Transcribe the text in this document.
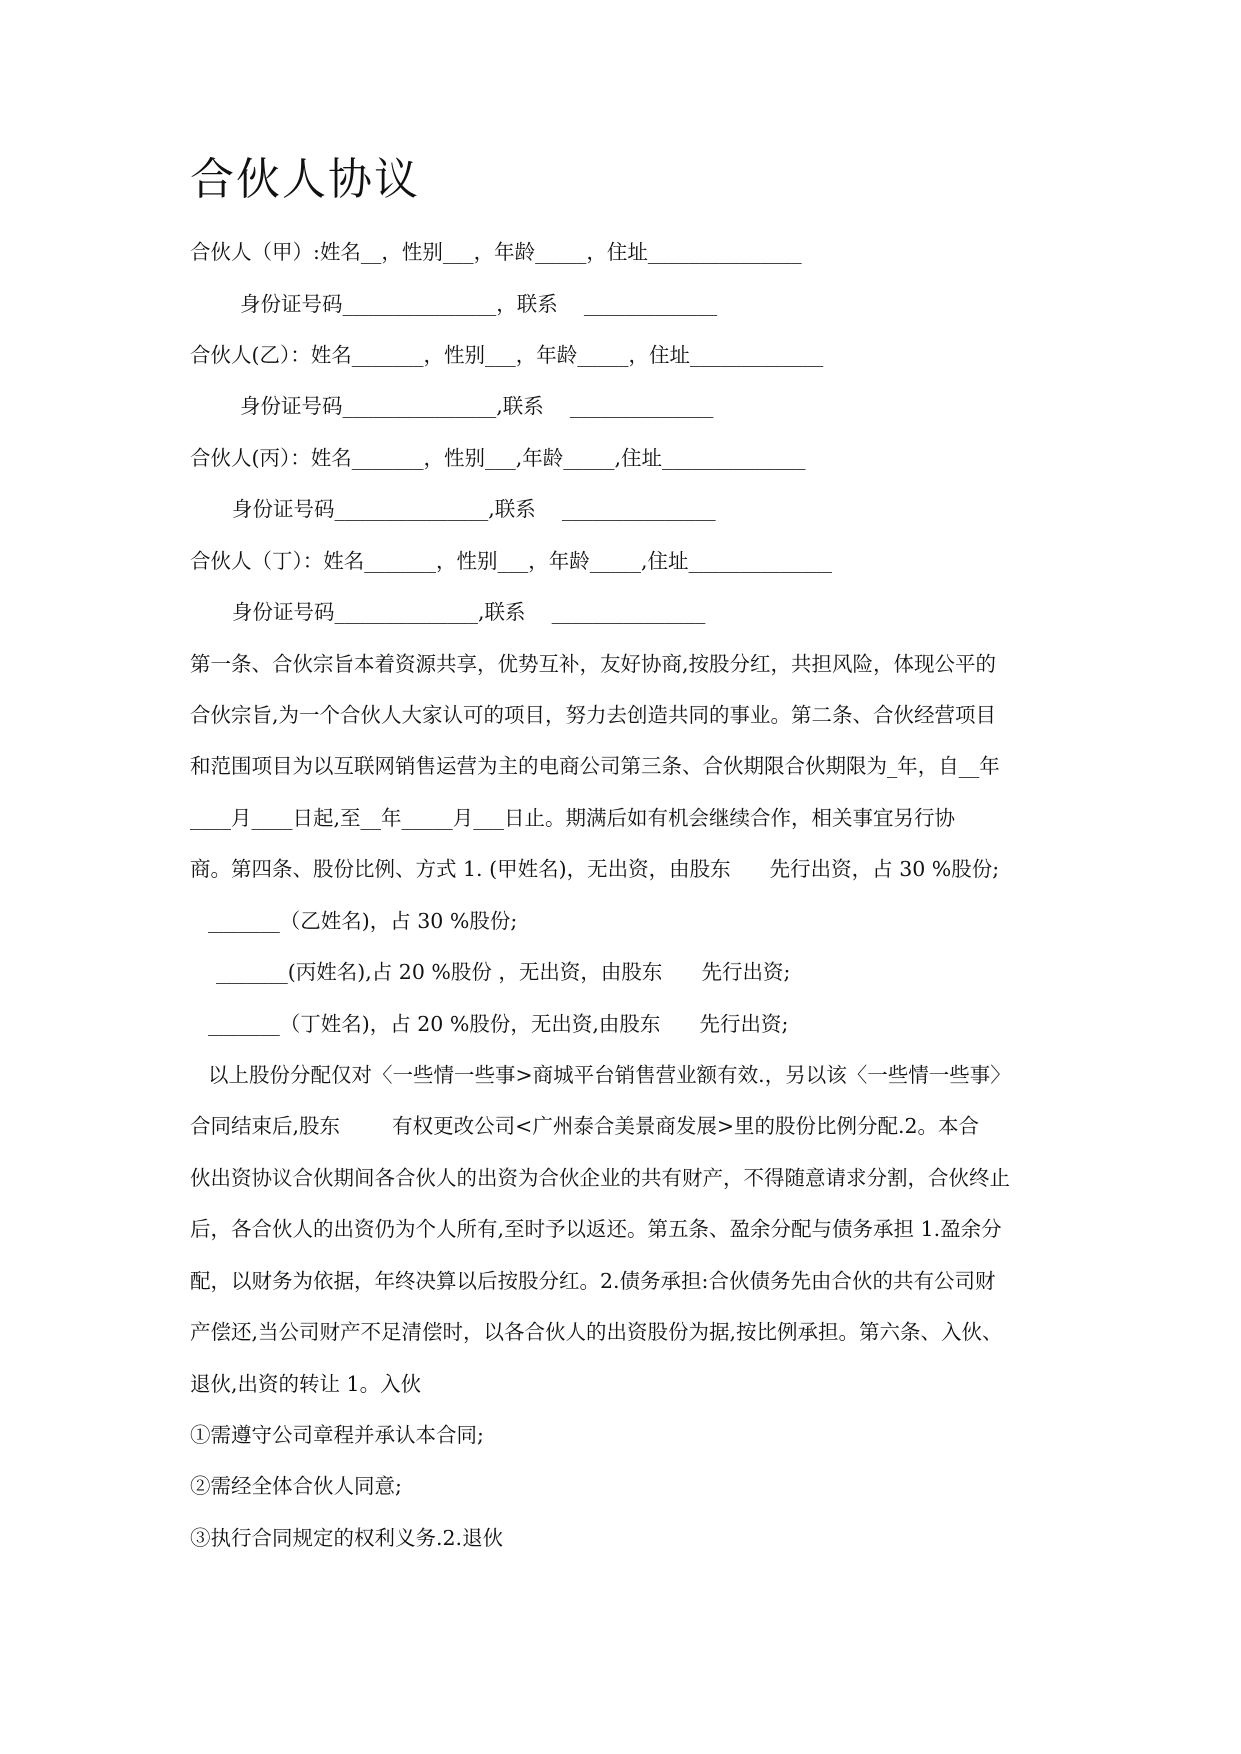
合伙人协议
合伙人（甲）:姓名__，性别___，年龄_____，住址_______________
身份证号码_______________，联系    _____________
合伙人(乙）：姓名_______，性别___，年龄_____，住址_____________
身份证号码_______________,联系    ______________
合伙人(丙）：姓名_______，性别___,年龄_____,住址______________
身份证号码_______________,联系    _______________
合伙人（丁）：姓名_______，性别___，年龄_____,住址______________
身份证号码______________,联系    _______________
第一条、合伙宗旨本着资源共享，优势互补，友好协商,按股分红，共担风险，体现公平的
合伙宗旨,为一个合伙人大家认可的项目，努力去创造共同的事业。第二条、合伙经营项目
和范围项目为以互联网销售运营为主的电商公司第三条、合伙期限合伙期限为_年，自__年
____月____日起,至__年_____月___日止。期满后如有机会继续合作，相关事宜另行协
商。第四条、股份比例、方式 1. (甲姓名)，无出资，由股东      先行出资，占 30 %股份;
_______（乙姓名)，占 30 %股份;
_______(丙姓名),占 20 %股份 ，无出资，由股东      先行出资;
_______（丁姓名)，占 20 %股份，无出资,由股东      先行出资;
以上股份分配仅对〈一些情一些事>商城平台销售营业额有效.，另以该〈一些情一些事〉
合同结束后,股东        有权更改公司<广州泰合美景商发展>里的股份比例分配.2。本合
伙出资协议合伙期间各合伙人的出资为合伙企业的共有财产，不得随意请求分割，合伙终止
后，各合伙人的出资仍为个人所有,至时予以返还。第五条、盈余分配与债务承担 1.盈余分
配，以财务为依据，年终决算以后按股分红。2.债务承担:合伙债务先由合伙的共有公司财
产偿还,当公司财产不足清偿时，以各合伙人的出资股份为据,按比例承担。第六条、入伙、
退伙,出资的转让 1。入伙
①需遵守公司章程并承认本合同;
②需经全体合伙人同意;
③执行合同规定的权利义务.2.退伙
